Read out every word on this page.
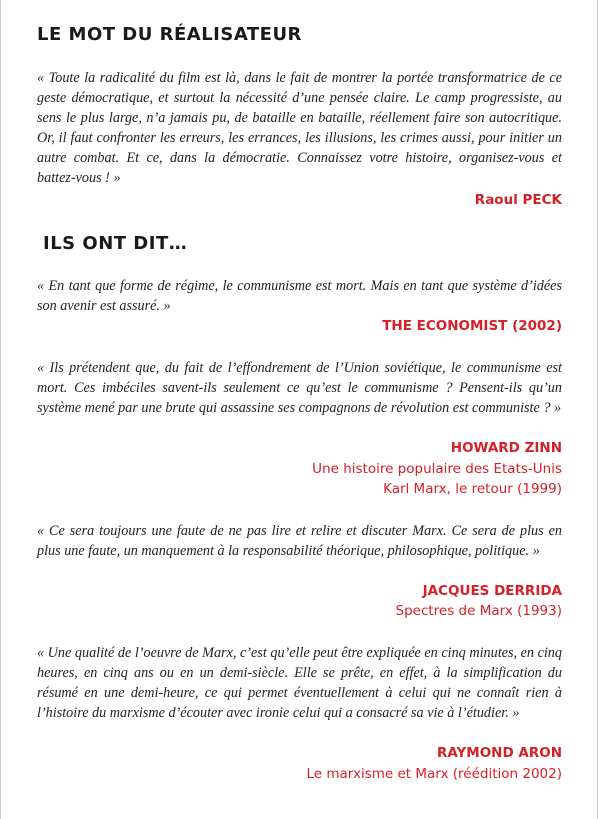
LE MOT DU RÉALISATEUR

« Toute la radicalité du film est là, dans le fait de montrer la portée transformatrice de ce geste démocratique, et surtout la nécessité d’une pensée claire. Le camp progressiste, au sens le plus large, n’a jamais pu, de bataille en bataille, réellement faire son autocritique. Or, il faut confronter les erreurs, les errances, les illusions, les crimes aussi, pour initier un autre combat. Et ce, dans la démocratie. Connaissez votre histoire, organisez-vous et battez-vous ! »

Raoul PECK

ILS ONT DIT…

« En tant que forme de régime, le communisme est mort. Mais en tant que système d’idées son avenir est assuré. »

THE ECONOMIST (2002)

« Ils prétendent que, du fait de l’effondrement de l’Union soviétique, le communisme est mort. Ces imbéciles savent-ils seulement ce qu’est le communisme ? Pensent-ils qu’un système mené par une brute qui assassine ses compagnons de révolution est communiste ? »

HOWARD ZINN

Une histoire populaire des Etats-Unis

Karl Marx, le retour (1999)

« Ce sera toujours une faute de ne pas lire et relire et discuter Marx. Ce sera de plus en plus une faute, un manquement à la responsabilité théorique, philosophique, politique. »

JACQUES DERRIDA

Spectres de Marx (1993)

« Une qualité de l’oeuvre de Marx, c’est qu’elle peut être expliquée en cinq minutes, en cinq heures, en cinq ans ou en un demi-siècle. Elle se prête, en effet, à la simplification du résumé en une demi-heure, ce qui permet éventuellement à celui qui ne connaît rien à l’histoire du marxisme d’écouter avec ironie celui qui a consacré sa vie à l’étudier. »

RAYMOND ARON

Le marxisme et Marx (réédition 2002)
